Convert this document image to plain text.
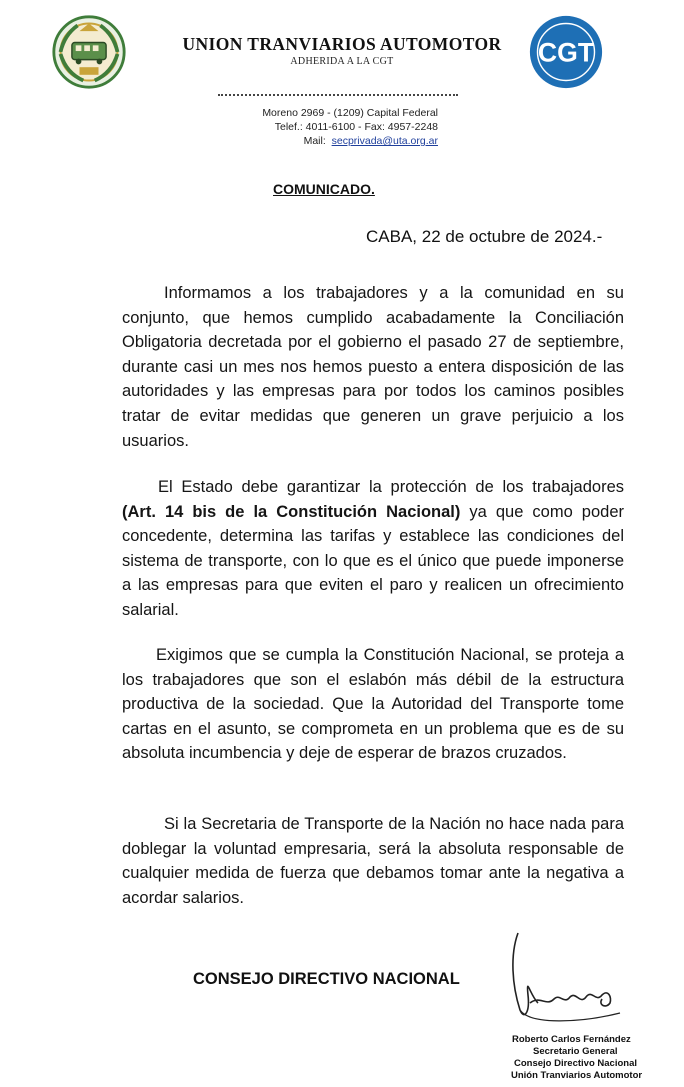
CGT
UNION TRANVIARIOS AUTOMOTOR
ADHERIDA A LA CGT
Moreno 2969 - (1209) Capital Federal
Telef.: 4011-6100 - Fax: 4957-2248
Mail: secprivada@uta.org.ar
COMUNICADO.
CABA, 22 de octubre de 2024.-
Informamos a los trabajadores y a la comunidad en su conjunto, que hemos cumplido acabadamente la Conciliación Obligatoria decretada por el gobierno el pasado 27 de septiembre, durante casi un mes nos hemos puesto a entera disposición de las autoridades y las empresas para por todos los caminos posibles tratar de evitar medidas que generen un grave perjuicio a los usuarios.
El Estado debe garantizar la protección de los trabajadores (Art. 14 bis de la Constitución Nacional) ya que como poder concedente, determina las tarifas y establece las condiciones del sistema de transporte, con lo que es el único que puede imponerse a las empresas para que eviten el paro y realicen un ofrecimiento salarial.
Exigimos que se cumpla la Constitución Nacional, se proteja a los trabajadores que son el eslabón más débil de la estructura productiva de la sociedad. Que la Autoridad del Transporte tome cartas en el asunto, se comprometa en un problema que es de su absoluta incumbencia y deje de esperar de brazos cruzados.
Si la Secretaria de Transporte de la Nación no hace nada para doblegar la voluntad empresaria, será la absoluta responsable de cualquier medida de fuerza que debamos tomar ante la negativa a acordar salarios.
CONSEJO DIRECTIVO NACIONAL
Roberto Carlos Fernández
Secretario General
Consejo Directivo Nacional
Unión Tranviarios Automotor
